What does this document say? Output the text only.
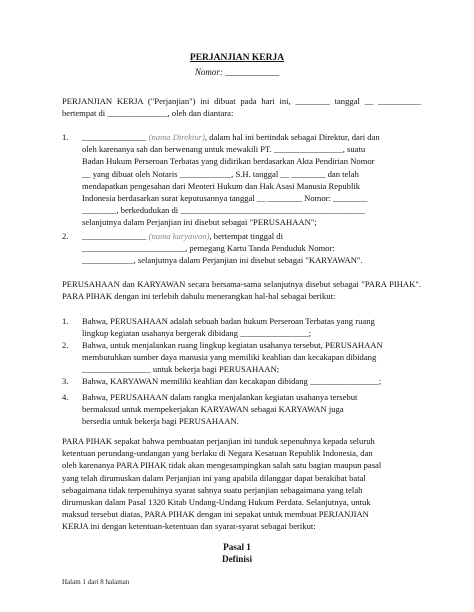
PERJANJIAN KERJA
Nomor: ____________
PERJANJIAN KERJA ("Perjanjian") ini dibuat pada hari ini, ________ tanggal __ __________ bertempat di ______________, oleh dan diantara:
1. _______________ (nama Direktur), dalam hal ini bertindak sebagai Direktur, dari dan
oleh karenanya sah dan berwenang untuk mewakili PT. ________________, suatu
Badan Hukum Perseroan Terbatas yang didirikan berdasarkan Akta Pendirian Nomor
__ yang dibuat oleh Notaris ____________, S.H. tanggal __ ________ dan telah
mendapatkan pengesahan dari Menteri Hukum dan Hak Asasi Manusia Republik
Indonesia berdasarkan surat keputusannya tanggal __ ________ Nomor: ________
________, berkedudukan di ___________________________________________
selanjutnya dalam Perjanjian ini disebut sebagai "PERUSAHAAN";
2. _______________ (nama karyawan), bertempat tinggal di
________________________, pemegang Kartu Tanda Penduduk Nomor:
____________, selanjutnya dalam Perjanjian ini disebut sebagai "KARYAWAN".
PERUSAHAAN dan KARYAWAN secara bersama-sama selanjutnya disebut sebagai "PARA PIHAK". PARA PIHAK dengan ini terlebih dahulu menerangkan hal-hal sebagai berikut:
1. Bahwa, PERUSAHAAN adalah sebuah badan hukum Perseroan Terbatas yang ruang
lingkup kegiatan usahanya bergerak dibidang ________________;
2. Bahwa, untuk menjalankan ruang lingkup kegiatan usahanya tersebut, PERUSAHAAN
membutuhkan sumber daya manusia yang memiliki keahlian dan kecakapan dibidang
________________ untuk bekerja bagi PERUSAHAAN;
3. Bahwa, KARYAWAN memiliki keahlian dan kecakapan dibidang ________________;
4. Bahwa, PERUSAHAAN dalam rangka menjalankan kegiatan usahanya tersebut
bermaksud untuk mempekerjakan KARYAWAN sebagai KARYAWAN juga
bersedia untuk bekerja bagi PERUSAHAAN.
PARA PIHAK sepakat bahwa pembuatan perjanjian ini tunduk sepenuhnya kepada seluruh
ketentuan perundang-undangan yang berlaku di Negara Kesatuan Republik Indonesia, dan
oleh karenanya PARA PIHAK tidak akan mengesampingkan salah satu bagian maupun pasal
yang telah dirumuskan dalam Perjanjian ini yang apabila dilanggar dapat berakibat batal
sebagaimana tidak terpenuhinya syarat sahnya suatu perjanjian sebagaimana yang telah
dirumuskan dalam Pasal 1320 Kitab Undang-Undang Hukum Perdata. Selanjutnya, untuk
maksud tersebut diatas, PARA PIHAK dengan ini sepakat untuk membuat PERJANJIAN
KERJA ini dengan ketentuan-ketentuan dan syarat-syarat sebagai berikut:
Pasal 1
Definisi
Halam 1 dari 8 halaman
